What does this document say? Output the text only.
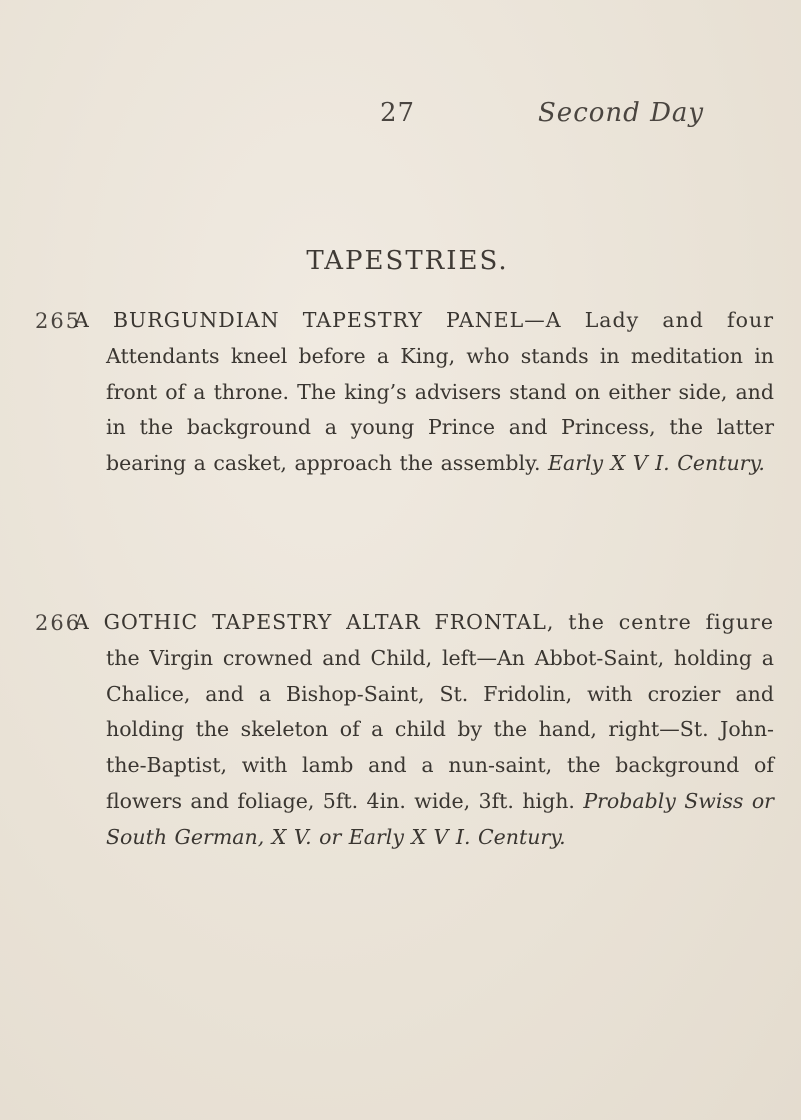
27	Second Day
TAPESTRIES.
265
A BURGUNDIAN TAPESTRY PANEL—A Lady and four
Attendants kneel before a King, who stands in meditation in front of a throne. The king’s advisers stand on either side, and in the background a young Prince and Princess, the latter bearing a casket, approach the assembly. Early X V I. Century.
266
A GOTHIC TAPESTRY ALTAR FRONTAL, the centre figure
the Virgin crowned and Child, left—An Abbot-Saint, holding a Chalice, and a Bishop-Saint, St. Fridolin, with crozier and holding the skeleton of a child by the hand, right—St. John-the-Baptist, with lamb and a nun-saint, the background of flowers and foliage, 5ft. 4in. wide, 3ft. high. Probably Swiss or South German, X V. or Early X V I. Century.
